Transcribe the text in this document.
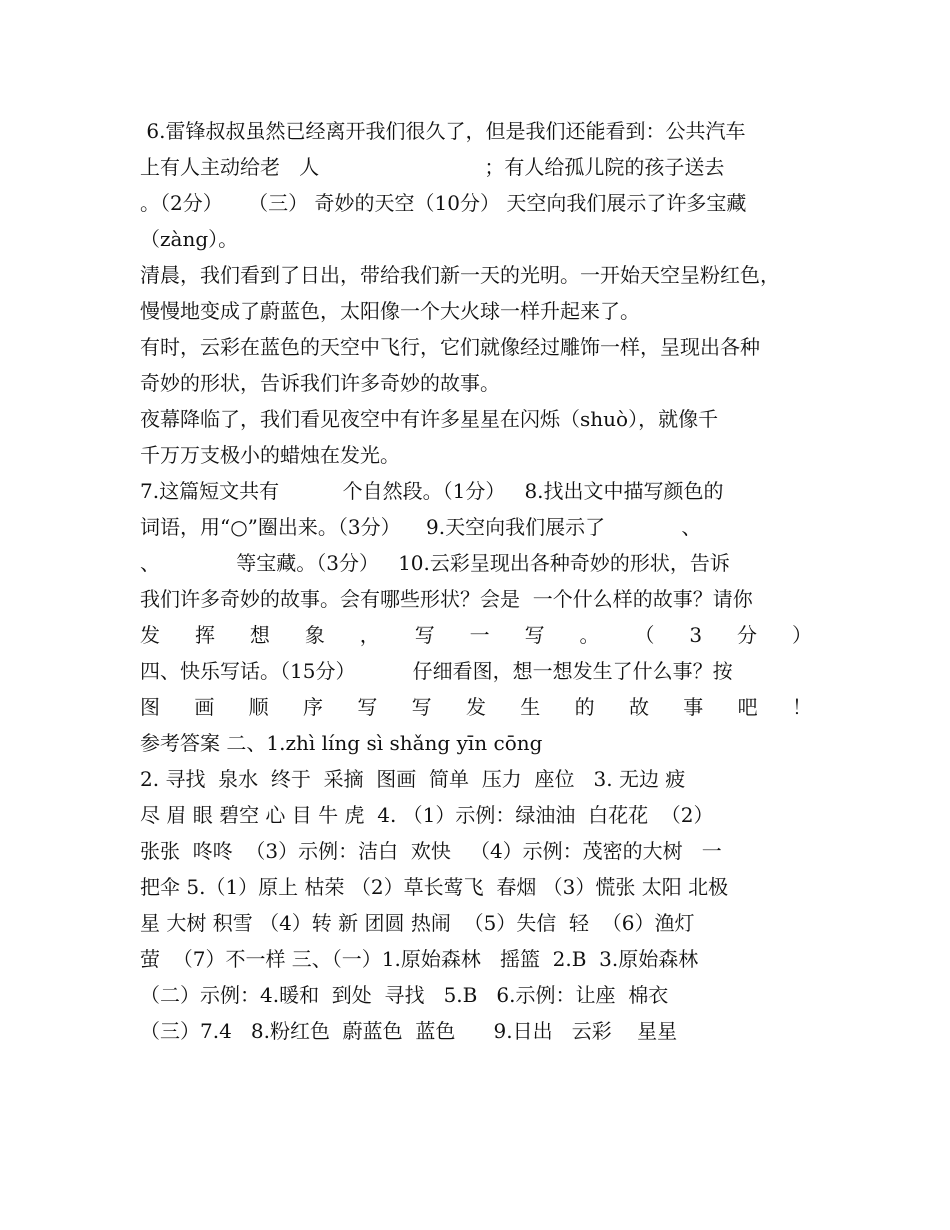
6.雷锋叔叔虽然已经离开我们很久了，但是我们还能看到：公共汽车
上有人主动给老   人                          ；有人给孤儿院的孩子送去
。（2分）    （三） 奇妙的天空（10分） 天空向我们展示了许多宝藏
（zàng）。
清晨，我们看到了日出，带给我们新一天的光明。一开始天空呈粉红色，
慢慢地变成了蔚蓝色，太阳像一个大火球一样升起来了。
有时，云彩在蓝色的天空中飞行，它们就像经过雕饰一样，呈现出各种
奇妙的形状，告诉我们许多奇妙的故事。
夜幕降临了，我们看见夜空中有许多星星在闪烁（shuò），就像千
千万万支极小的蜡烛在发光。
7.这篇短文共有          个自然段。（1分）   8.找出文中描写颜色的
词语，用“○”圈出来。（3分）    9.天空向我们展示了            、
、            等宝藏。（3分）   10.云彩呈现出各种奇妙的形状，告诉
我们许多奇妙的故事。会有哪些形状？会是  一个什么样的故事？请你
发 挥 想 象 ， 写 一 写 。 （ 3 分 ）
四、快乐写话。（15分）         仔细看图，想一想发生了什么事？按
图 画 顺 序 写 写 发 生 的 故 事 吧 ！
参考答案 二、1.zhì líng sì shǎng yīn cōng
2. 寻找  泉水  终于  采摘  图画  简单  压力  座位   3. 无边 疲
尽 眉 眼 碧空 心 目 牛 虎  4. （1）示例：绿油油  白花花  （2）
张张  咚咚  （3）示例：洁白  欢快   （4）示例：茂密的大树   一
把伞 5.（1）原上 枯荣 （2）草长莺飞  春烟 （3）慌张 太阳 北极
星 大树 积雪 （4）转 新 团圆 热闹  （5）失信  轻  （6）渔灯
萤  （7）不一样 三、（一）1.原始森林   摇篮  2.B  3.原始森林
（二）示例：4.暖和  到处  寻找   5.B   6.示例：让座  棉衣
（三）7.4   8.粉红色  蔚蓝色  蓝色      9.日出   云彩    星星
